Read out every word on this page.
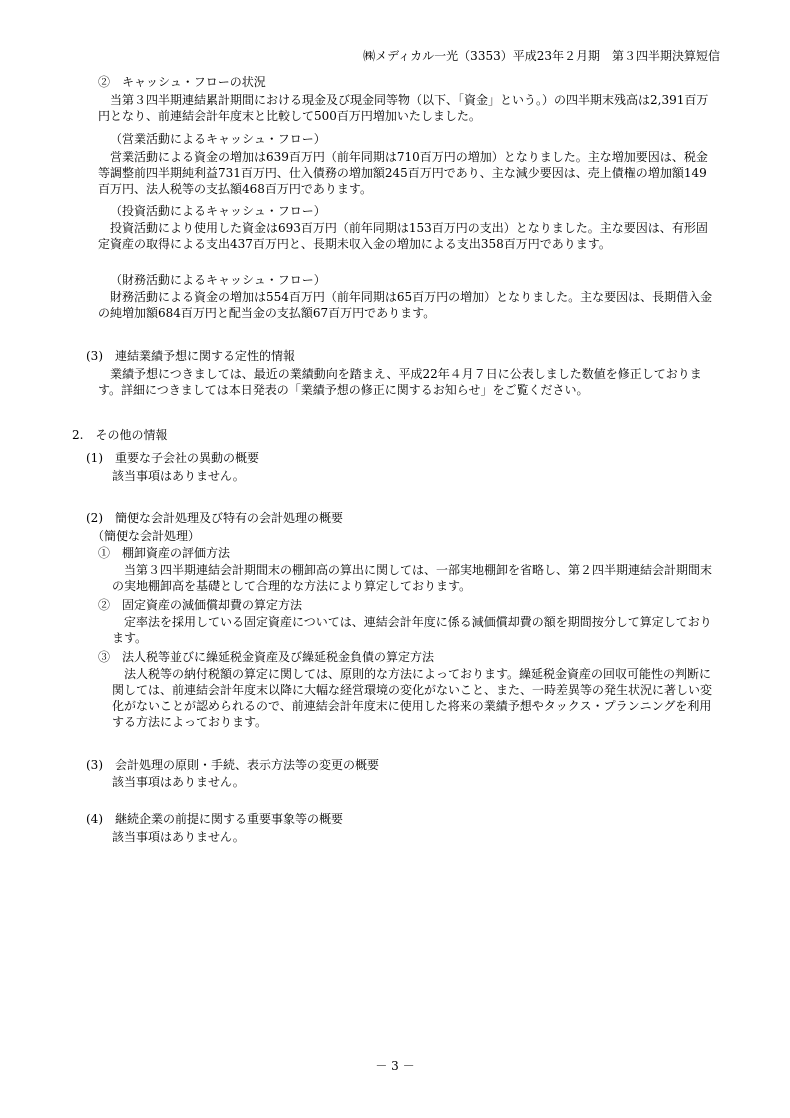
㈱メディカル一光（3353）平成23年２月期　第３四半期決算短信

②　キャッシュ・フローの状況

当第３四半期連結累計期間における現金及び現金同等物（以下、「資金」という。）の四半期末残高は2,391百万円となり、前連結会計年度末と比較して500百万円増加いたしました。

（営業活動によるキャッシュ・フロー）

営業活動による資金の増加は639百万円（前年同期は710百万円の増加）となりました。主な増加要因は、税金等調整前四半期純利益731百万円、仕入債務の増加額245百万円であり、主な減少要因は、売上債権の増加額149百万円、法人税等の支払額468百万円であります。

（投資活動によるキャッシュ・フロー）

投資活動により使用した資金は693百万円（前年同期は153百万円の支出）となりました。主な要因は、有形固定資産の取得による支出437百万円と、長期未収入金の増加による支出358百万円であります。

（財務活動によるキャッシュ・フロー）

財務活動による資金の増加は554百万円（前年同期は65百万円の増加）となりました。主な要因は、長期借入金の純増加額684百万円と配当金の支払額67百万円であります。

(3)　連結業績予想に関する定性的情報

業績予想につきましては、最近の業績動向を踏まえ、平成22年４月７日に公表しました数値を修正しております。詳細につきましては本日発表の「業績予想の修正に関するお知らせ」をご覧ください。

2.　その他の情報

(1)　重要な子会社の異動の概要

該当事項はありません。

(2)　簡便な会計処理及び特有の会計処理の概要

（簡便な会計処理）

①　棚卸資産の評価方法

当第３四半期連結会計期間末の棚卸高の算出に関しては、一部実地棚卸を省略し、第２四半期連結会計期間末の実地棚卸高を基礎として合理的な方法により算定しております。

②　固定資産の減価償却費の算定方法

定率法を採用している固定資産については、連結会計年度に係る減価償却費の額を期間按分して算定しております。

③　法人税等並びに繰延税金資産及び繰延税金負債の算定方法

法人税等の納付税額の算定に関しては、原則的な方法によっております。繰延税金資産の回収可能性の判断に関しては、前連結会計年度末以降に大幅な経営環境の変化がないこと、また、一時差異等の発生状況に著しい変化がないことが認められるので、前連結会計年度末に使用した将来の業績予想やタックス・プランニングを利用する方法によっております。

(3)　会計処理の原則・手続、表示方法等の変更の概要

該当事項はありません。

(4)　継続企業の前提に関する重要事象等の概要

該当事項はありません。

－ 3 －
